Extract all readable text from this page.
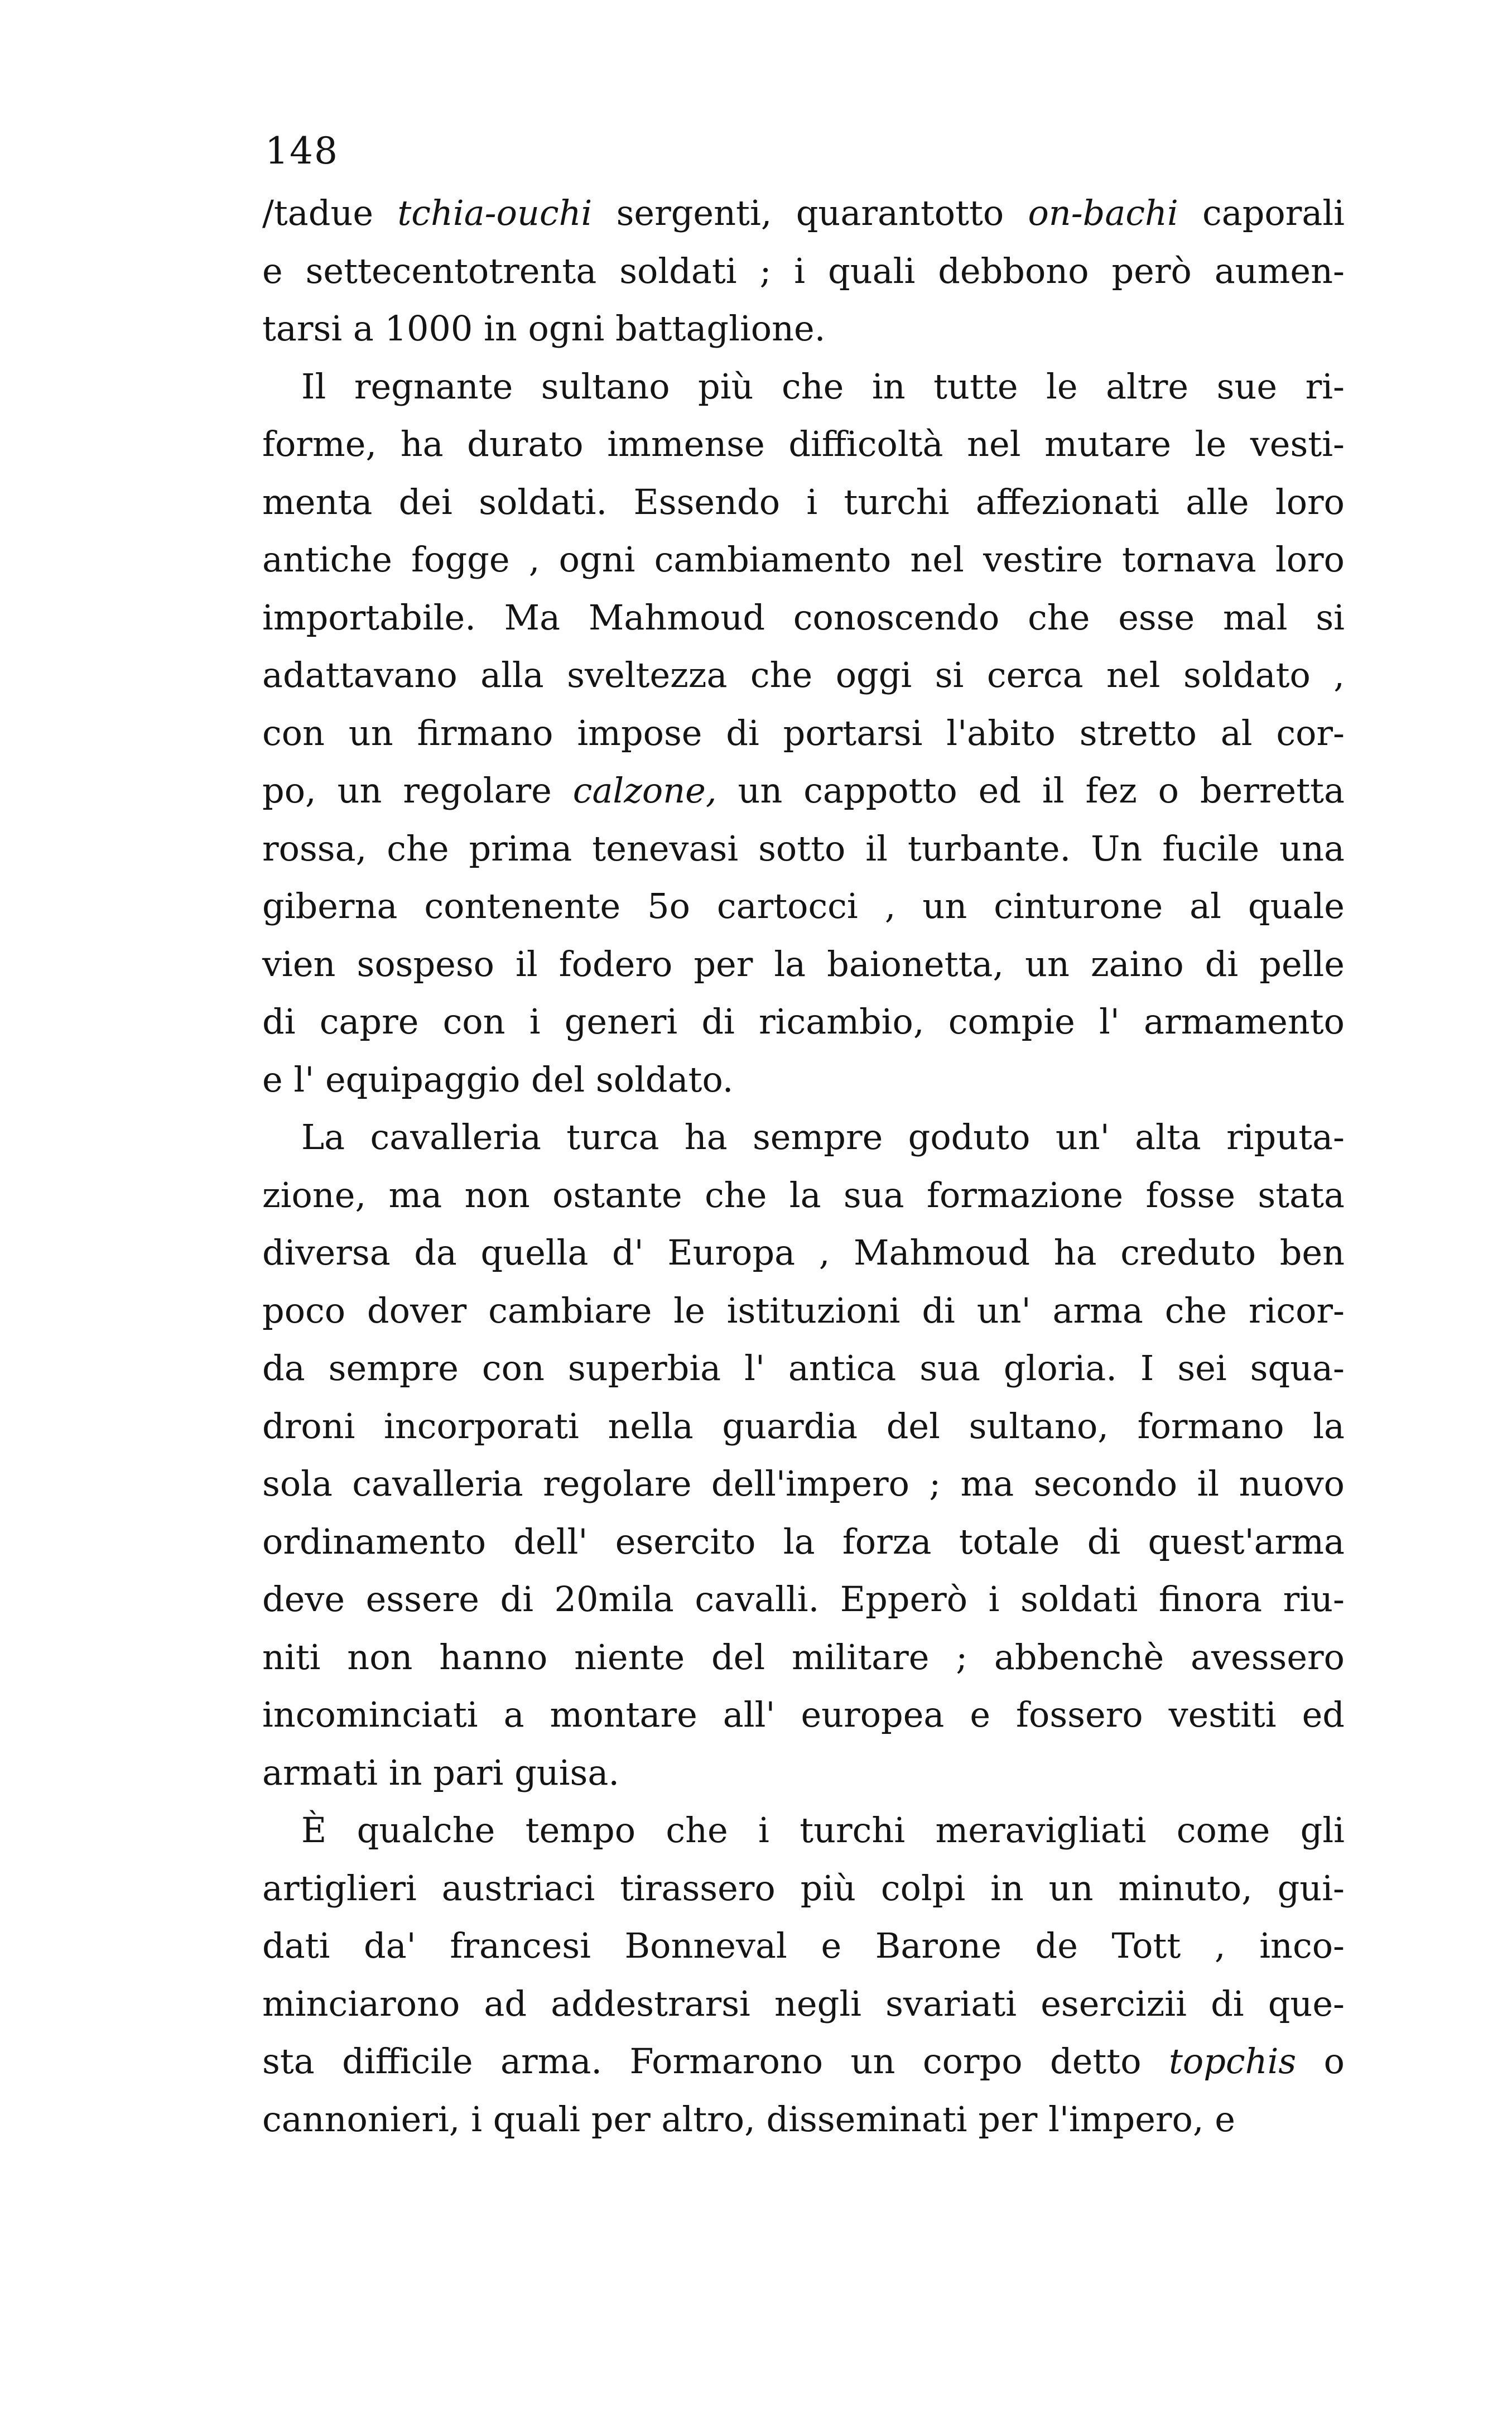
148
/tadue tchia-ouchi sergenti, quarantotto on-bachi caporali
e settecentotrenta soldati ; i quali debbono però aumen-
tarsi a 1000 in ogni battaglione.
Il regnante sultano più che in tutte le altre sue ri-
forme, ha durato immense difficoltà nel mutare le vesti-
menta dei soldati. Essendo i turchi affezionati alle loro
antiche fogge , ogni cambiamento nel vestire tornava loro
importabile. Ma Mahmoud conoscendo che esse mal si
adattavano alla sveltezza che oggi si cerca nel soldato ,
con un firmano impose di portarsi l'abito stretto al cor-
po, un regolare calzone, un cappotto ed il fez o berretta
rossa, che prima tenevasi sotto il turbante. Un fucile una
giberna contenente 5o cartocci , un cinturone al quale
vien sospeso il fodero per la baionetta, un zaino di pelle
di capre con i generi di ricambio, compie l' armamento
e l' equipaggio del soldato.
La cavalleria turca ha sempre goduto un' alta riputa-
zione, ma non ostante che la sua formazione fosse stata
diversa da quella d' Europa , Mahmoud ha creduto ben
poco dover cambiare le istituzioni di un' arma che ricor-
da sempre con superbia l' antica sua gloria. I sei squa-
droni incorporati nella guardia del sultano, formano la
sola cavalleria regolare dell'impero ; ma secondo il nuovo
ordinamento dell' esercito la forza totale di quest'arma
deve essere di 20mila cavalli. Epperò i soldati finora riu-
niti non hanno niente del militare ; abbenchè avessero
incominciati a montare all' europea e fossero vestiti ed
armati in pari guisa.
È qualche tempo che i turchi meravigliati come gli
artiglieri austriaci tirassero più colpi in un minuto, gui-
dati da' francesi Bonneval e Barone de Tott , inco-
minciarono ad addestrarsi negli svariati esercizii di que-
sta difficile arma. Formarono un corpo detto topchis o
cannonieri, i quali per altro, disseminati per l'impero, e
